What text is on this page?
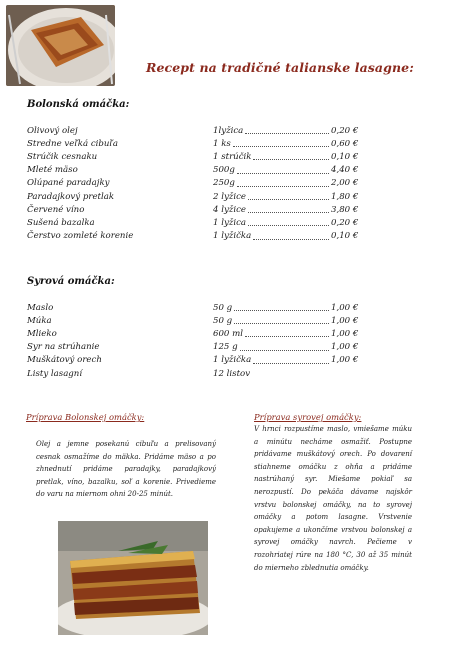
Recept na tradičné talianske lasagne:
Bolonská omáčka:
Olivový olej	1lyžica	0,20 €
Stredne veľká cibuľa	1 ks	0,60 €
Strúčik cesnaku	1 strúčik	0,10 €
Mleté mäso	500g	4,40 €
Olúpané paradajky	250g	2,00 €
Paradajkový pretlak	2 lyžice	1,80 €
Červené víno	4 lyžice	3,80 €
Sušená bazalka	1 lyžica	0,20 €
Čerstvo zomleté korenie	1 lyžička	0,10 €
Syrová omáčka:
Maslo	50 g	1,00 €
Múka	50 g	1,00 €
Mlieko	600 ml	1,00 €
Syr na strúhanie	125 g	1,00 €
Muškátový orech	1 lyžička	1,00 €
Listy lasagní	12 listov
Príprava Bolonskej omáčky:
Olej a jemne posekanú cibuľu a prelisovaný cesnak osmažíme do mäkka. Pridáme mäso a po zhnednutí pridáme paradajky, paradajkový pretlak, víno, bazalku, soľ a korenie. Privedieme do varu na miernom ohni 20-25 minút.
Príprava syrovej omáčky:
V hrnci rozpustíme maslo, vmiešame múku a minútu necháme osmažiť. Postupne pridávame muškátový orech. Po dovarení stiahneme omáčku z ohňa a pridáme nastrúhaný syr. Miešame pokiaľ sa nerozpustí. Do pekáča dávame najskôr vrstvu bolonskej omáčky, na to syrovej omáčky a potom lasagne. Vrstvenie opakujeme a ukončíme vrstvou bolonskej a syrovej omáčky navrch. Pečieme v rozohriatej rúre na 180 °C, 30 až 35 minút do mierneho zblednutia omáčky.
